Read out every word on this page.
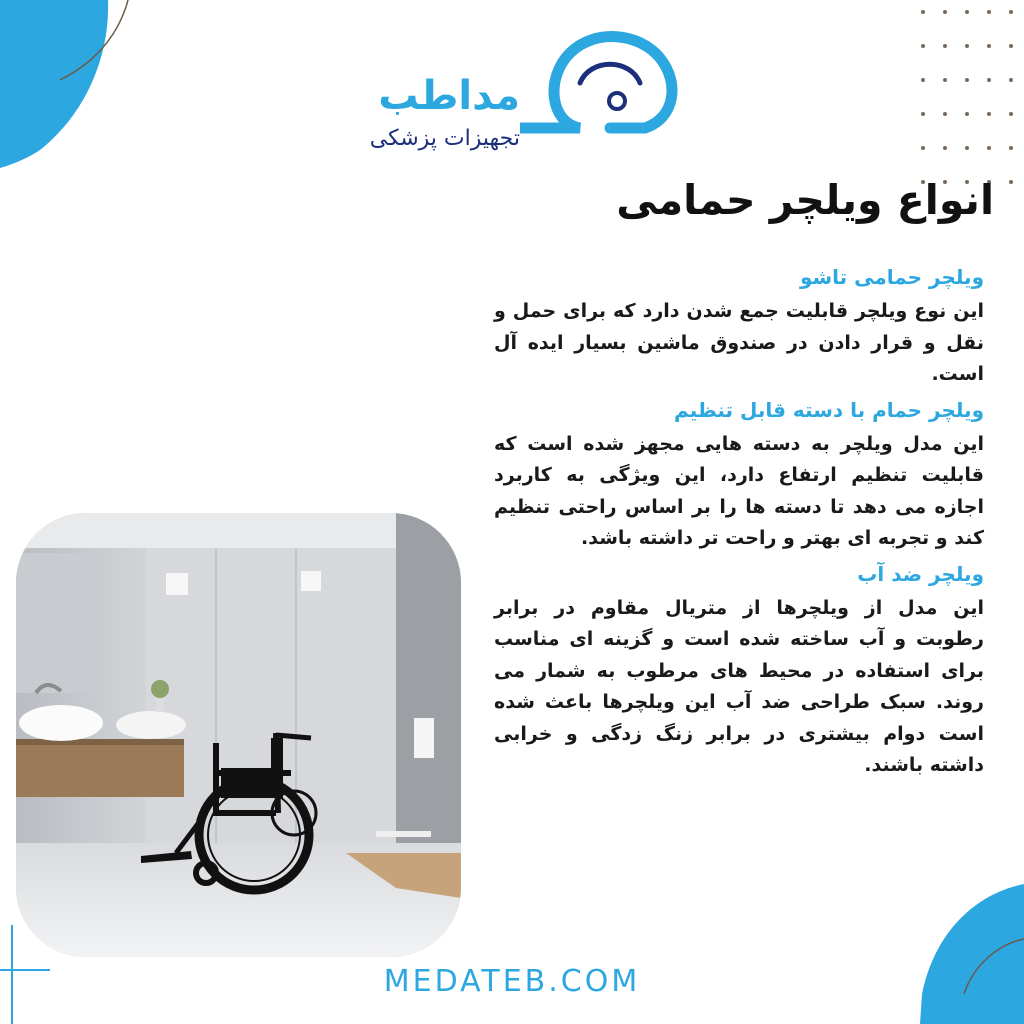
مداطب
تجهیزات پزشکی
انواع ویلچر حمامی

ویلچر حمامی تاشو

این نوع ویلچر قابلیت جمع شدن دارد که برای حمل و نقل و قرار دادن در صندوق ماشین بسیار ایده آل است.

ویلچر حمام با دسته قابل تنظیم

این مدل ویلچر به دسته هایی مجهز شده است که قابلیت تنظیم ارتفاع دارد، این ویژگی به کاربرد اجازه می دهد تا دسته ها را بر اساس راحتی تنظیم کند و تجربه ای بهتر و راحت تر داشته باشد.

ویلچر ضد آب

این مدل از ویلچرها از متریال مقاوم در برابر رطوبت و آب ساخته شده است و گزینه ای مناسب برای استفاده در محیط های مرطوب به شمار می روند. سبک طراحی ضد آب این ویلچرها باعث شده است دوام بیشتری در برابر زنگ زدگی و خرابی داشته باشند.

MEDATEB.COM
